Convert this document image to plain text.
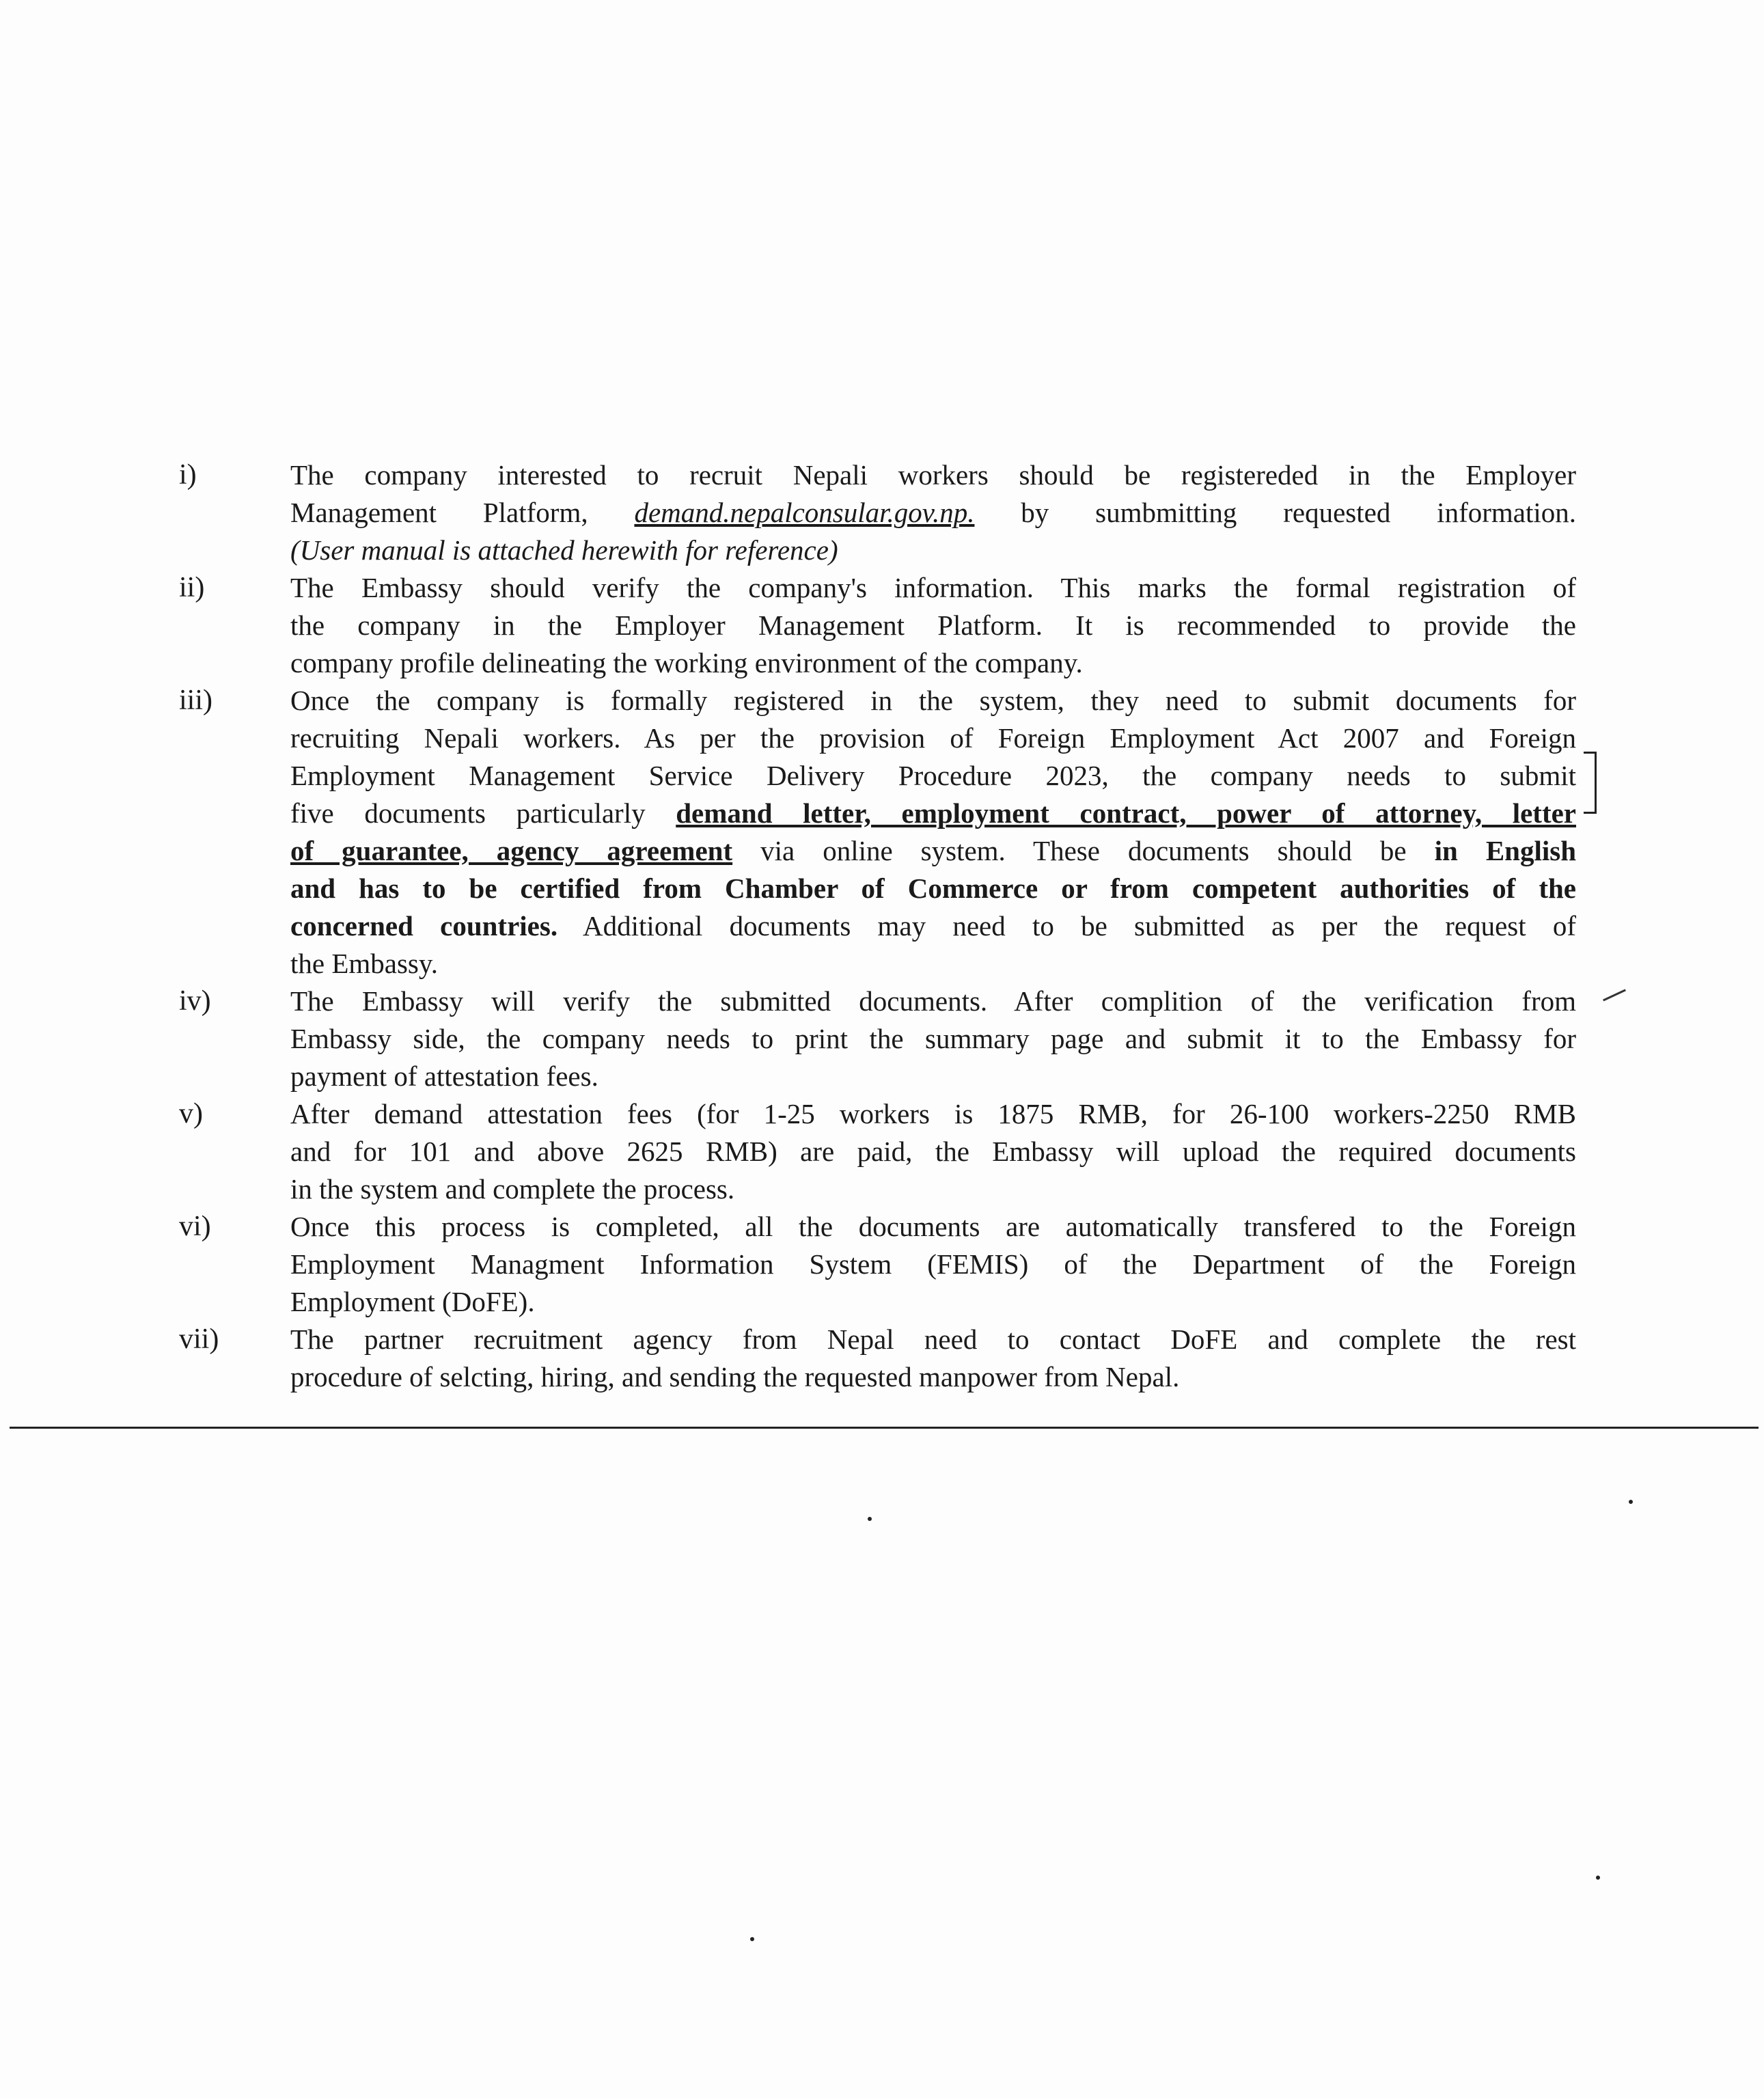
i)	The company interested to recruit Nepali workers should be registereded in the Employer
Management Platform, demand.nepalconsular.gov.np. by sumbmitting requested information.
(User manual is attached herewith for reference)
ii)	The Embassy should verify the company's information. This marks the formal registration of
the company in the Employer Management Platform. It is recommended to provide the
company profile delineating the working environment of the company.
iii)	Once the company is formally registered in the system, they need to submit documents for
recruiting Nepali workers. As per the provision of Foreign Employment Act 2007 and Foreign
Employment Management Service Delivery Procedure 2023, the company needs to submit
five documents particularly demand letter, employment contract, power of attorney, letter
of guarantee, agency agreement via online system. These documents should be in English
and has to be certified from Chamber of Commerce or from competent authorities of the
concerned countries. Additional documents may need to be submitted as per the request of
the Embassy.
iv)	The Embassy will verify the submitted documents. After complition of the verification from
Embassy side, the company needs to print the summary page and submit it to the Embassy for
payment of attestation fees.
v)	After demand attestation fees (for 1-25 workers is 1875 RMB, for 26-100 workers-2250 RMB
and for 101 and above 2625 RMB) are paid, the Embassy will upload the required documents
in the system and complete the process.
vi)	Once this process is completed, all the documents are automatically transfered to the Foreign
Employment Managment Information System (FEMIS) of the Department of the Foreign
Employment (DoFE).
vii)	The partner recruitment agency from Nepal need to contact DoFE and complete the rest
procedure of selcting, hiring, and sending the requested manpower from Nepal.
